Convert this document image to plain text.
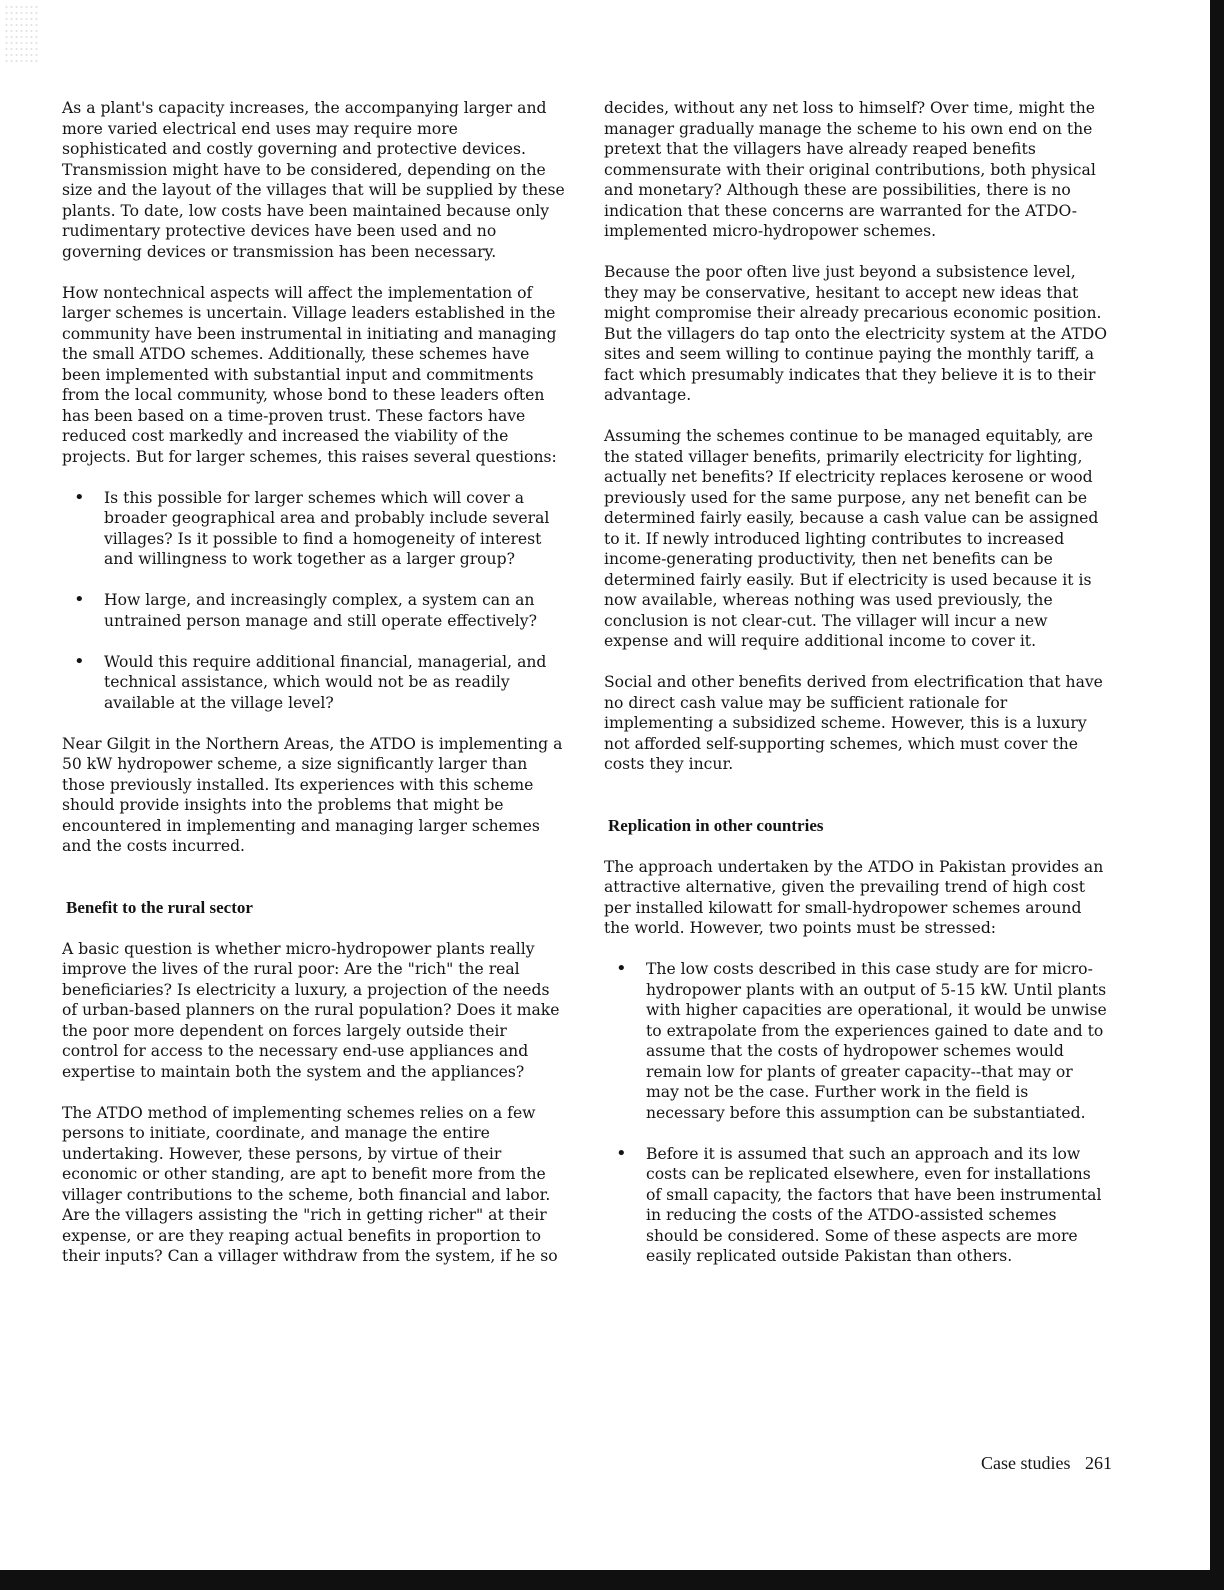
As a plant's capacity increases, the accompanying larger and more varied electrical end uses may require more sophisticated and costly governing and protective devices. Transmission might have to be considered, depending on the size and the layout of the villages that will be supplied by these plants. To date, low costs have been maintained because only rudimentary protective devices have been used and no governing devices or transmission has been necessary.

How nontechnical aspects will affect the implementation of larger schemes is uncertain. Village leaders established in the community have been instrumental in initiating and managing the small ATDO schemes. Additionally, these schemes have been implemented with substantial input and commitments from the local community, whose bond to these leaders often has been based on a time-proven trust. These factors have reduced cost markedly and increased the viability of the projects. But for larger schemes, this raises several questions:

• Is this possible for larger schemes which will cover a broader geographical area and probably include several villages? Is it possible to find a homogeneity of interest and willingness to work together as a larger group?
• How large, and increasingly complex, a system can an untrained person manage and still operate effectively?
• Would this require additional financial, managerial, and technical assistance, which would not be as readily available at the village level?

Near Gilgit in the Northern Areas, the ATDO is implementing a 50 kW hydropower scheme, a size significantly larger than those previously installed. Its experiences with this scheme should provide insights into the problems that might be encountered in implementing and managing larger schemes and the costs incurred.

Benefit to the rural sector

A basic question is whether micro-hydropower plants really improve the lives of the rural poor: Are the "rich" the real beneficiaries? Is electricity a luxury, a projection of the needs of urban-based planners on the rural population? Does it make the poor more dependent on forces largely outside their control for access to the necessary end-use appliances and expertise to maintain both the system and the appliances?

The ATDO method of implementing schemes relies on a few persons to initiate, coordinate, and manage the entire undertaking. However, these persons, by virtue of their economic or other standing, are apt to benefit more from the villager contributions to the scheme, both financial and labor. Are the villagers assisting the "rich in getting richer" at their expense, or are they reaping actual benefits in proportion to their inputs? Can a villager withdraw from the system, if he so

decides, without any net loss to himself? Over time, might the manager gradually manage the scheme to his own end on the pretext that the villagers have already reaped benefits commensurate with their original contributions, both physical and monetary? Although these are possibilities, there is no indication that these concerns are warranted for the ATDO-implemented micro-hydropower schemes.

Because the poor often live just beyond a subsistence level, they may be conservative, hesitant to accept new ideas that might compromise their already precarious economic position. But the villagers do tap onto the electricity system at the ATDO sites and seem willing to continue paying the monthly tariff, a fact which presumably indicates that they believe it is to their advantage.

Assuming the schemes continue to be managed equitably, are the stated villager benefits, primarily electricity for lighting, actually net benefits? If electricity replaces kerosene or wood previously used for the same purpose, any net benefit can be determined fairly easily, because a cash value can be assigned to it. If newly introduced lighting contributes to increased income-generating productivity, then net benefits can be determined fairly easily. But if electricity is used because it is now available, whereas nothing was used previously, the conclusion is not clear-cut. The villager will incur a new expense and will require additional income to cover it.

Social and other benefits derived from electrification that have no direct cash value may be sufficient rationale for implementing a subsidized scheme. However, this is a luxury not afforded self-supporting schemes, which must cover the costs they incur.

Replication in other countries

The approach undertaken by the ATDO in Pakistan provides an attractive alternative, given the prevailing trend of high cost per installed kilowatt for small-hydropower schemes around the world. However, two points must be stressed:

• The low costs described in this case study are for micro-hydropower plants with an output of 5-15 kW. Until plants with higher capacities are operational, it would be unwise to extrapolate from the experiences gained to date and to assume that the costs of hydropower schemes would remain low for plants of greater capacity--that may or may not be the case. Further work in the field is necessary before this assumption can be substantiated.
• Before it is assumed that such an approach and its low costs can be replicated elsewhere, even for installations of small capacity, the factors that have been instrumental in reducing the costs of the ATDO-assisted schemes should be considered. Some of these aspects are more easily replicated outside Pakistan than others.
Case studies 261
